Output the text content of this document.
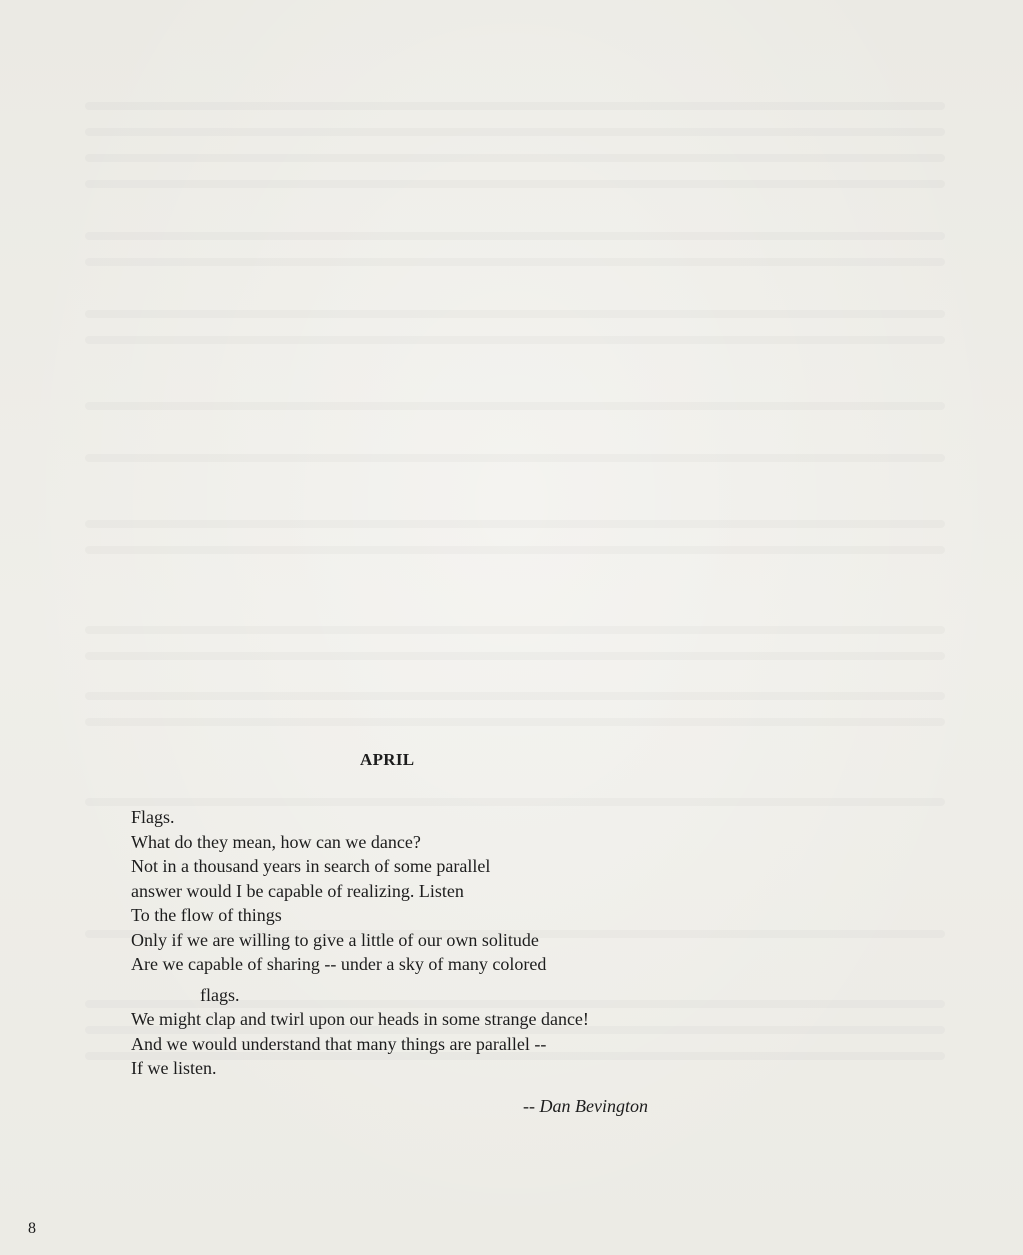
APRIL
Flags.
What do they mean, how can we dance?
Not in a thousand years in search of some parallel
answer would I be capable of realizing. Listen
To the flow of things
Only if we are willing to give a little of our own solitude
Are we capable of sharing -- under a sky of many colored
flags.
We might clap and twirl upon our heads in some strange dance!
And we would understand that many things are parallel --
If we listen.
-- Dan Bevington
8
